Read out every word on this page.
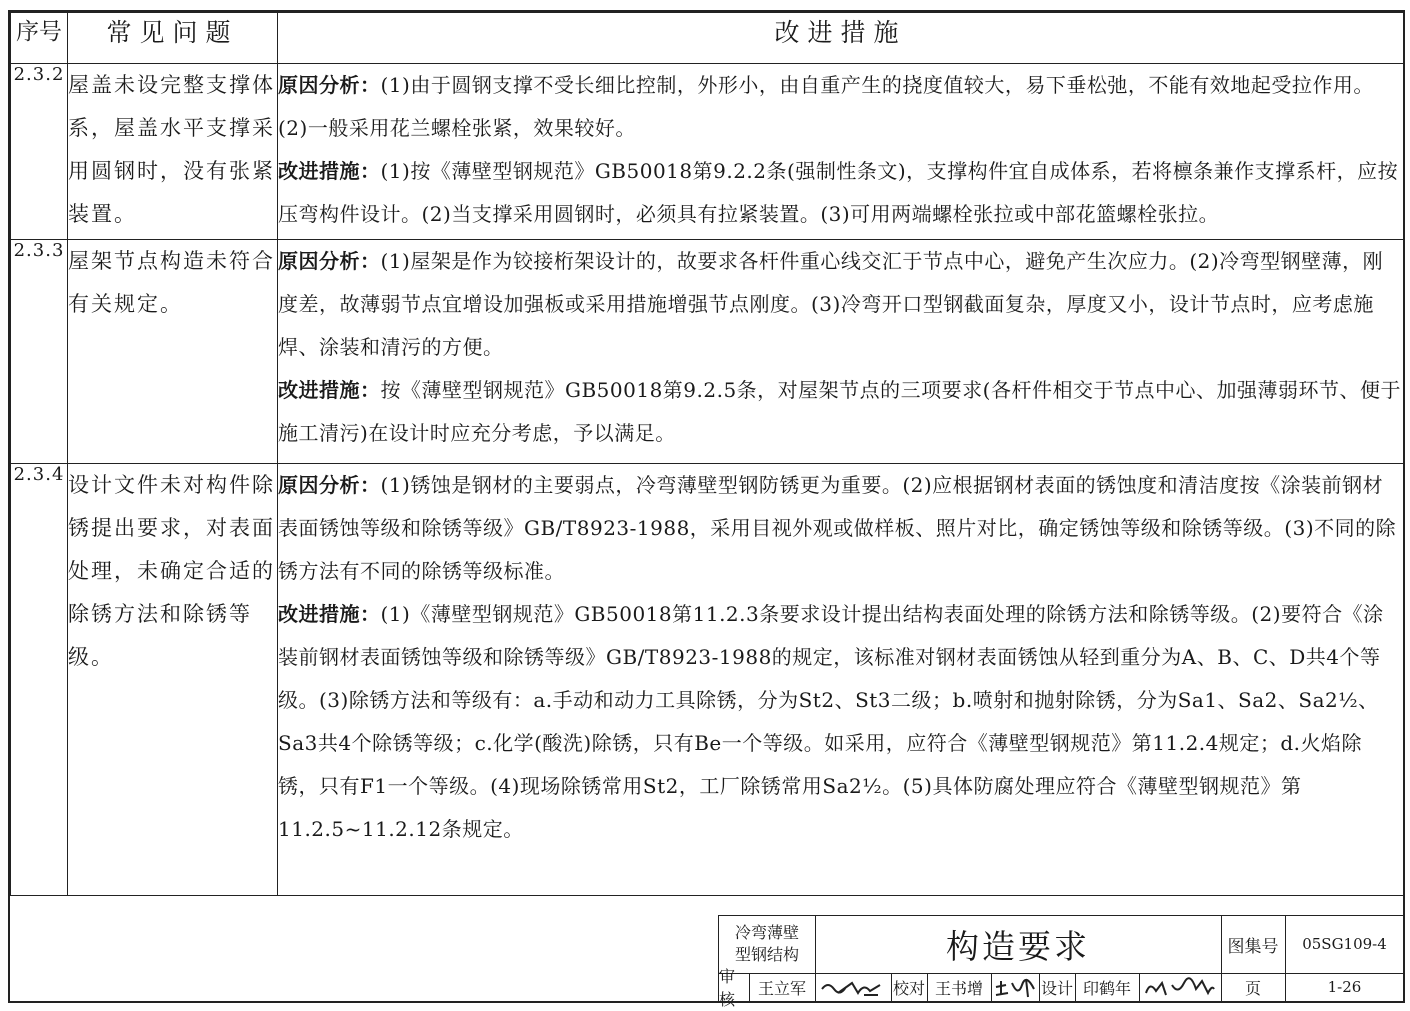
序号	常见问题	改进措施
2.3.2	屋盖未设完整支撑体系，屋盖水平支撑采用圆钢时，没有张紧装置。	原因分析：(1)由于圆钢支撑不受长细比控制，外形小，由自重产生的挠度值较大，易下垂松弛，不能有效地起受拉作用。(2)一般采用花兰螺栓张紧，效果较好。

改进措施：(1)按《薄壁型钢规范》GB50018第9.2.2条(强制性条文)，支撑构件宜自成体系，若将檩条兼作支撑系杆，应按压弯构件设计。(2)当支撑采用圆钢时，必须具有拉紧装置。(3)可用两端螺栓张拉或中部花篮螺栓张拉。

2.3.3	屋架节点构造未符合有关规定。	原因分析：(1)屋架是作为铰接桁架设计的，故要求各杆件重心线交汇于节点中心，避免产生次应力。(2)冷弯型钢壁薄，刚度差，故薄弱节点宜增设加强板或采用措施增强节点刚度。(3)冷弯开口型钢截面复杂，厚度又小，设计节点时，应考虑施焊、涂装和清污的方便。

改进措施：按《薄壁型钢规范》GB50018第9.2.5条，对屋架节点的三项要求(各杆件相交于节点中心、加强薄弱环节、便于施工清污)在设计时应充分考虑，予以满足。

2.3.4	设计文件未对构件除锈提出要求，对表面处理，未确定合适的除锈方法和除锈等级。	原因分析：(1)锈蚀是钢材的主要弱点，冷弯薄壁型钢防锈更为重要。(2)应根据钢材表面的锈蚀度和清洁度按《涂装前钢材表面锈蚀等级和除锈等级》GB/T8923-1988，采用目视外观或做样板、照片对比，确定锈蚀等级和除锈等级。(3)不同的除锈方法有不同的除锈等级标准。

改进措施：(1)《薄壁型钢规范》GB50018第11.2.3条要求设计提出结构表面处理的除锈方法和除锈等级。(2)要符合《涂装前钢材表面锈蚀等级和除锈等级》GB/T8923-1988的规定，该标准对钢材表面锈蚀从轻到重分为A、B、C、D共4个等级。(3)除锈方法和等级有：a.手动和动力工具除锈，分为St2、St3二级；b.喷射和抛射除锈，分为Sa1、Sa2、Sa2½、Sa3共4个除锈等级；c.化学(酸洗)除锈，只有Be一个等级。如采用，应符合《薄壁型钢规范》第11.2.4规定；d.火焰除锈，只有F1一个等级。(4)现场除锈常用St2，工厂除锈常用Sa2½。(5)具体防腐处理应符合《薄壁型钢规范》第11.2.5~11.2.12条规定。

冷弯薄壁
型钢结构	构造要求	图集号	05SG109-4
审核
王立军	校对 王书增	设计 印鹤年	页	1-26
